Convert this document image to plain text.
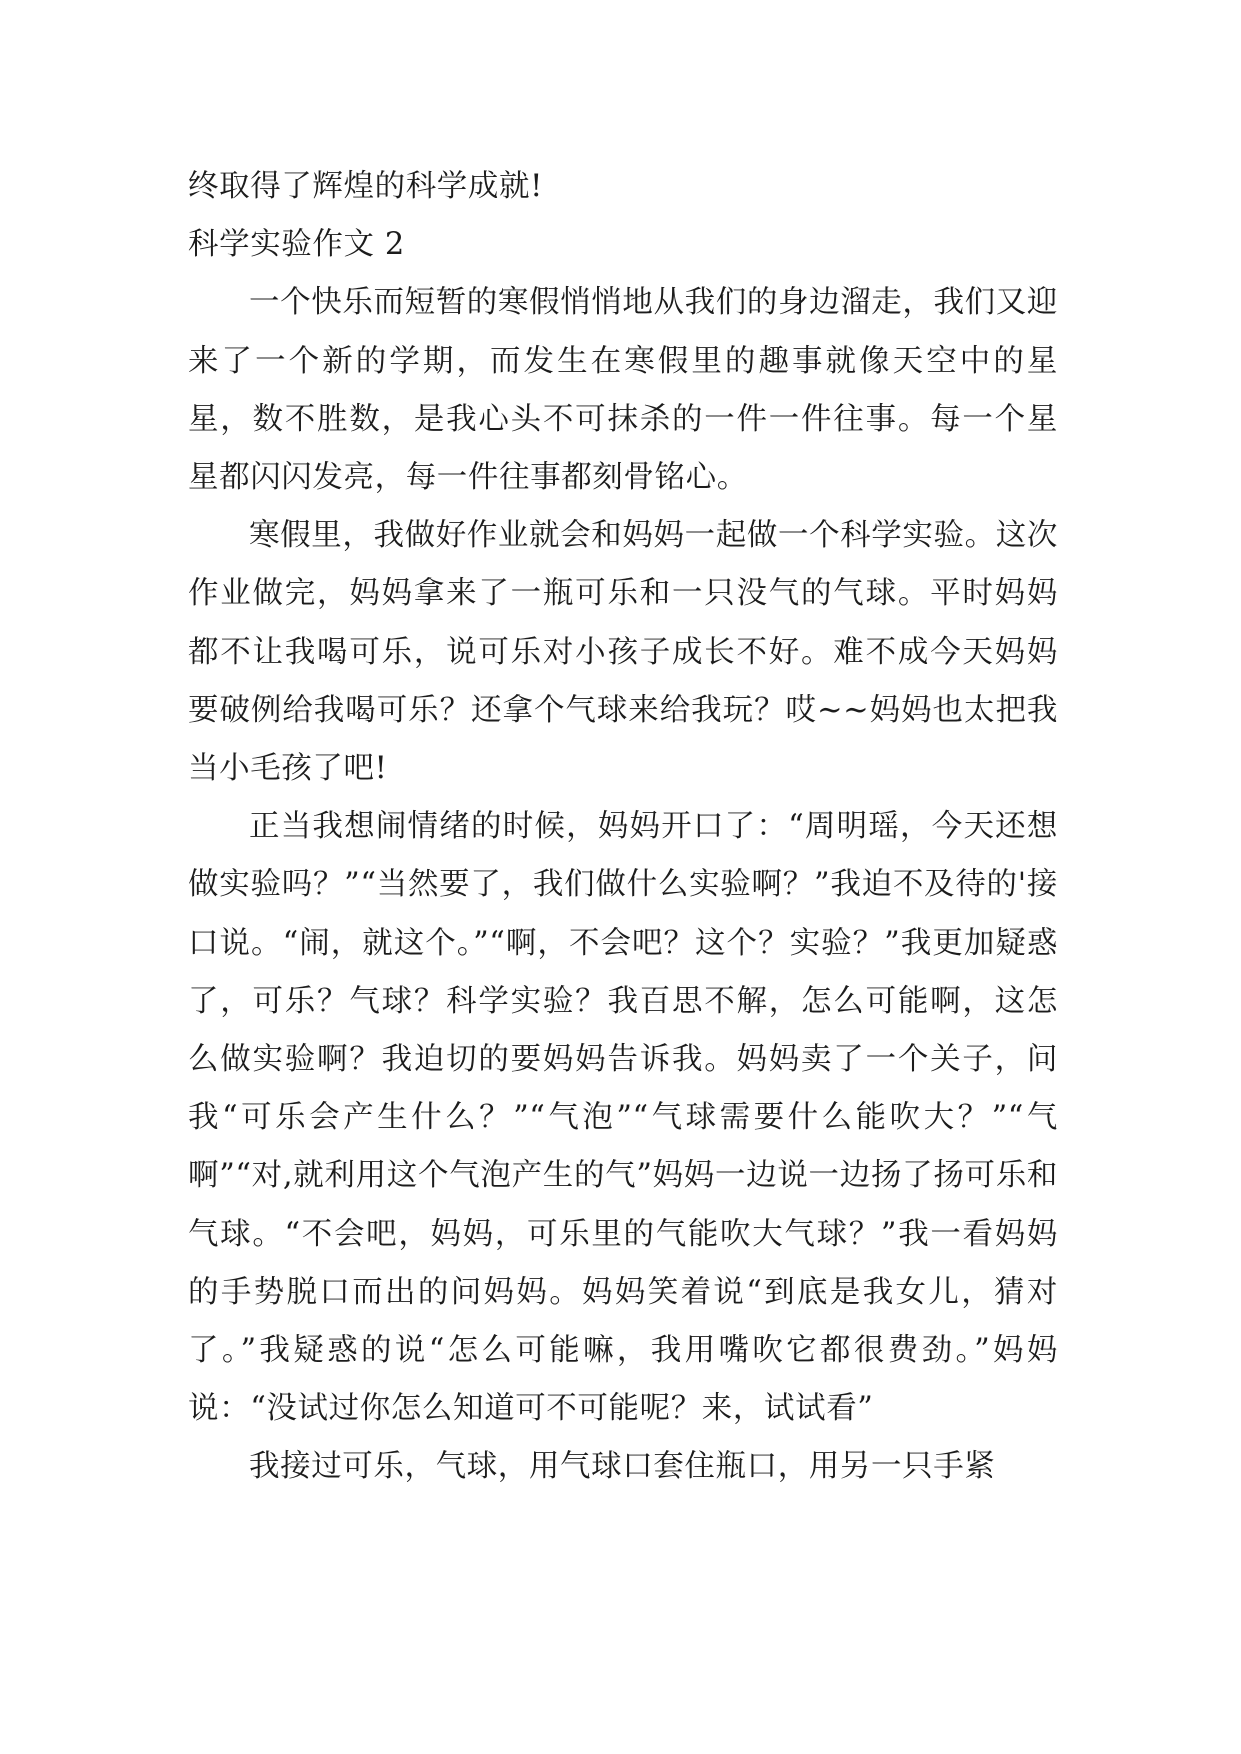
终取得了辉煌的科学成就!

科学实验作文 2

一个快乐而短暂的寒假悄悄地从我们的身边溜走，我们又迎来了一个新的学期，而发生在寒假里的趣事就像天空中的星星，数不胜数，是我心头不可抹杀的一件一件往事。每一个星星都闪闪发亮，每一件往事都刻骨铭心。

寒假里，我做好作业就会和妈妈一起做一个科学实验。这次作业做完，妈妈拿来了一瓶可乐和一只没气的气球。平时妈妈都不让我喝可乐，说可乐对小孩子成长不好。难不成今天妈妈要破例给我喝可乐？还拿个气球来给我玩？哎~~妈妈也太把我当小毛孩了吧!

正当我想闹情绪的时候，妈妈开口了：“周明瑶，今天还想做实验吗？”“当然要了，我们做什么实验啊？”我迫不及待的'接口说。“闹，就这个。”“啊，不会吧？这个？实验？”我更加疑惑了，可乐？气球？科学实验？我百思不解，怎么可能啊，这怎么做实验啊？我迫切的要妈妈告诉我。妈妈卖了一个关子，问我“可乐会产生什么？”“气泡”“气球需要什么能吹大？”“气啊”“对,就利用这个气泡产生的气”妈妈一边说一边扬了扬可乐和气球。“不会吧，妈妈，可乐里的气能吹大气球？”我一看妈妈的手势脱口而出的问妈妈。妈妈笑着说“到底是我女儿，猜对了。”我疑惑的说“怎么可能嘛，我用嘴吹它都很费劲。”妈妈说：“没试过你怎么知道可不可能呢？来，试试看”

我接过可乐，气球，用气球口套住瓶口，用另一只手紧
